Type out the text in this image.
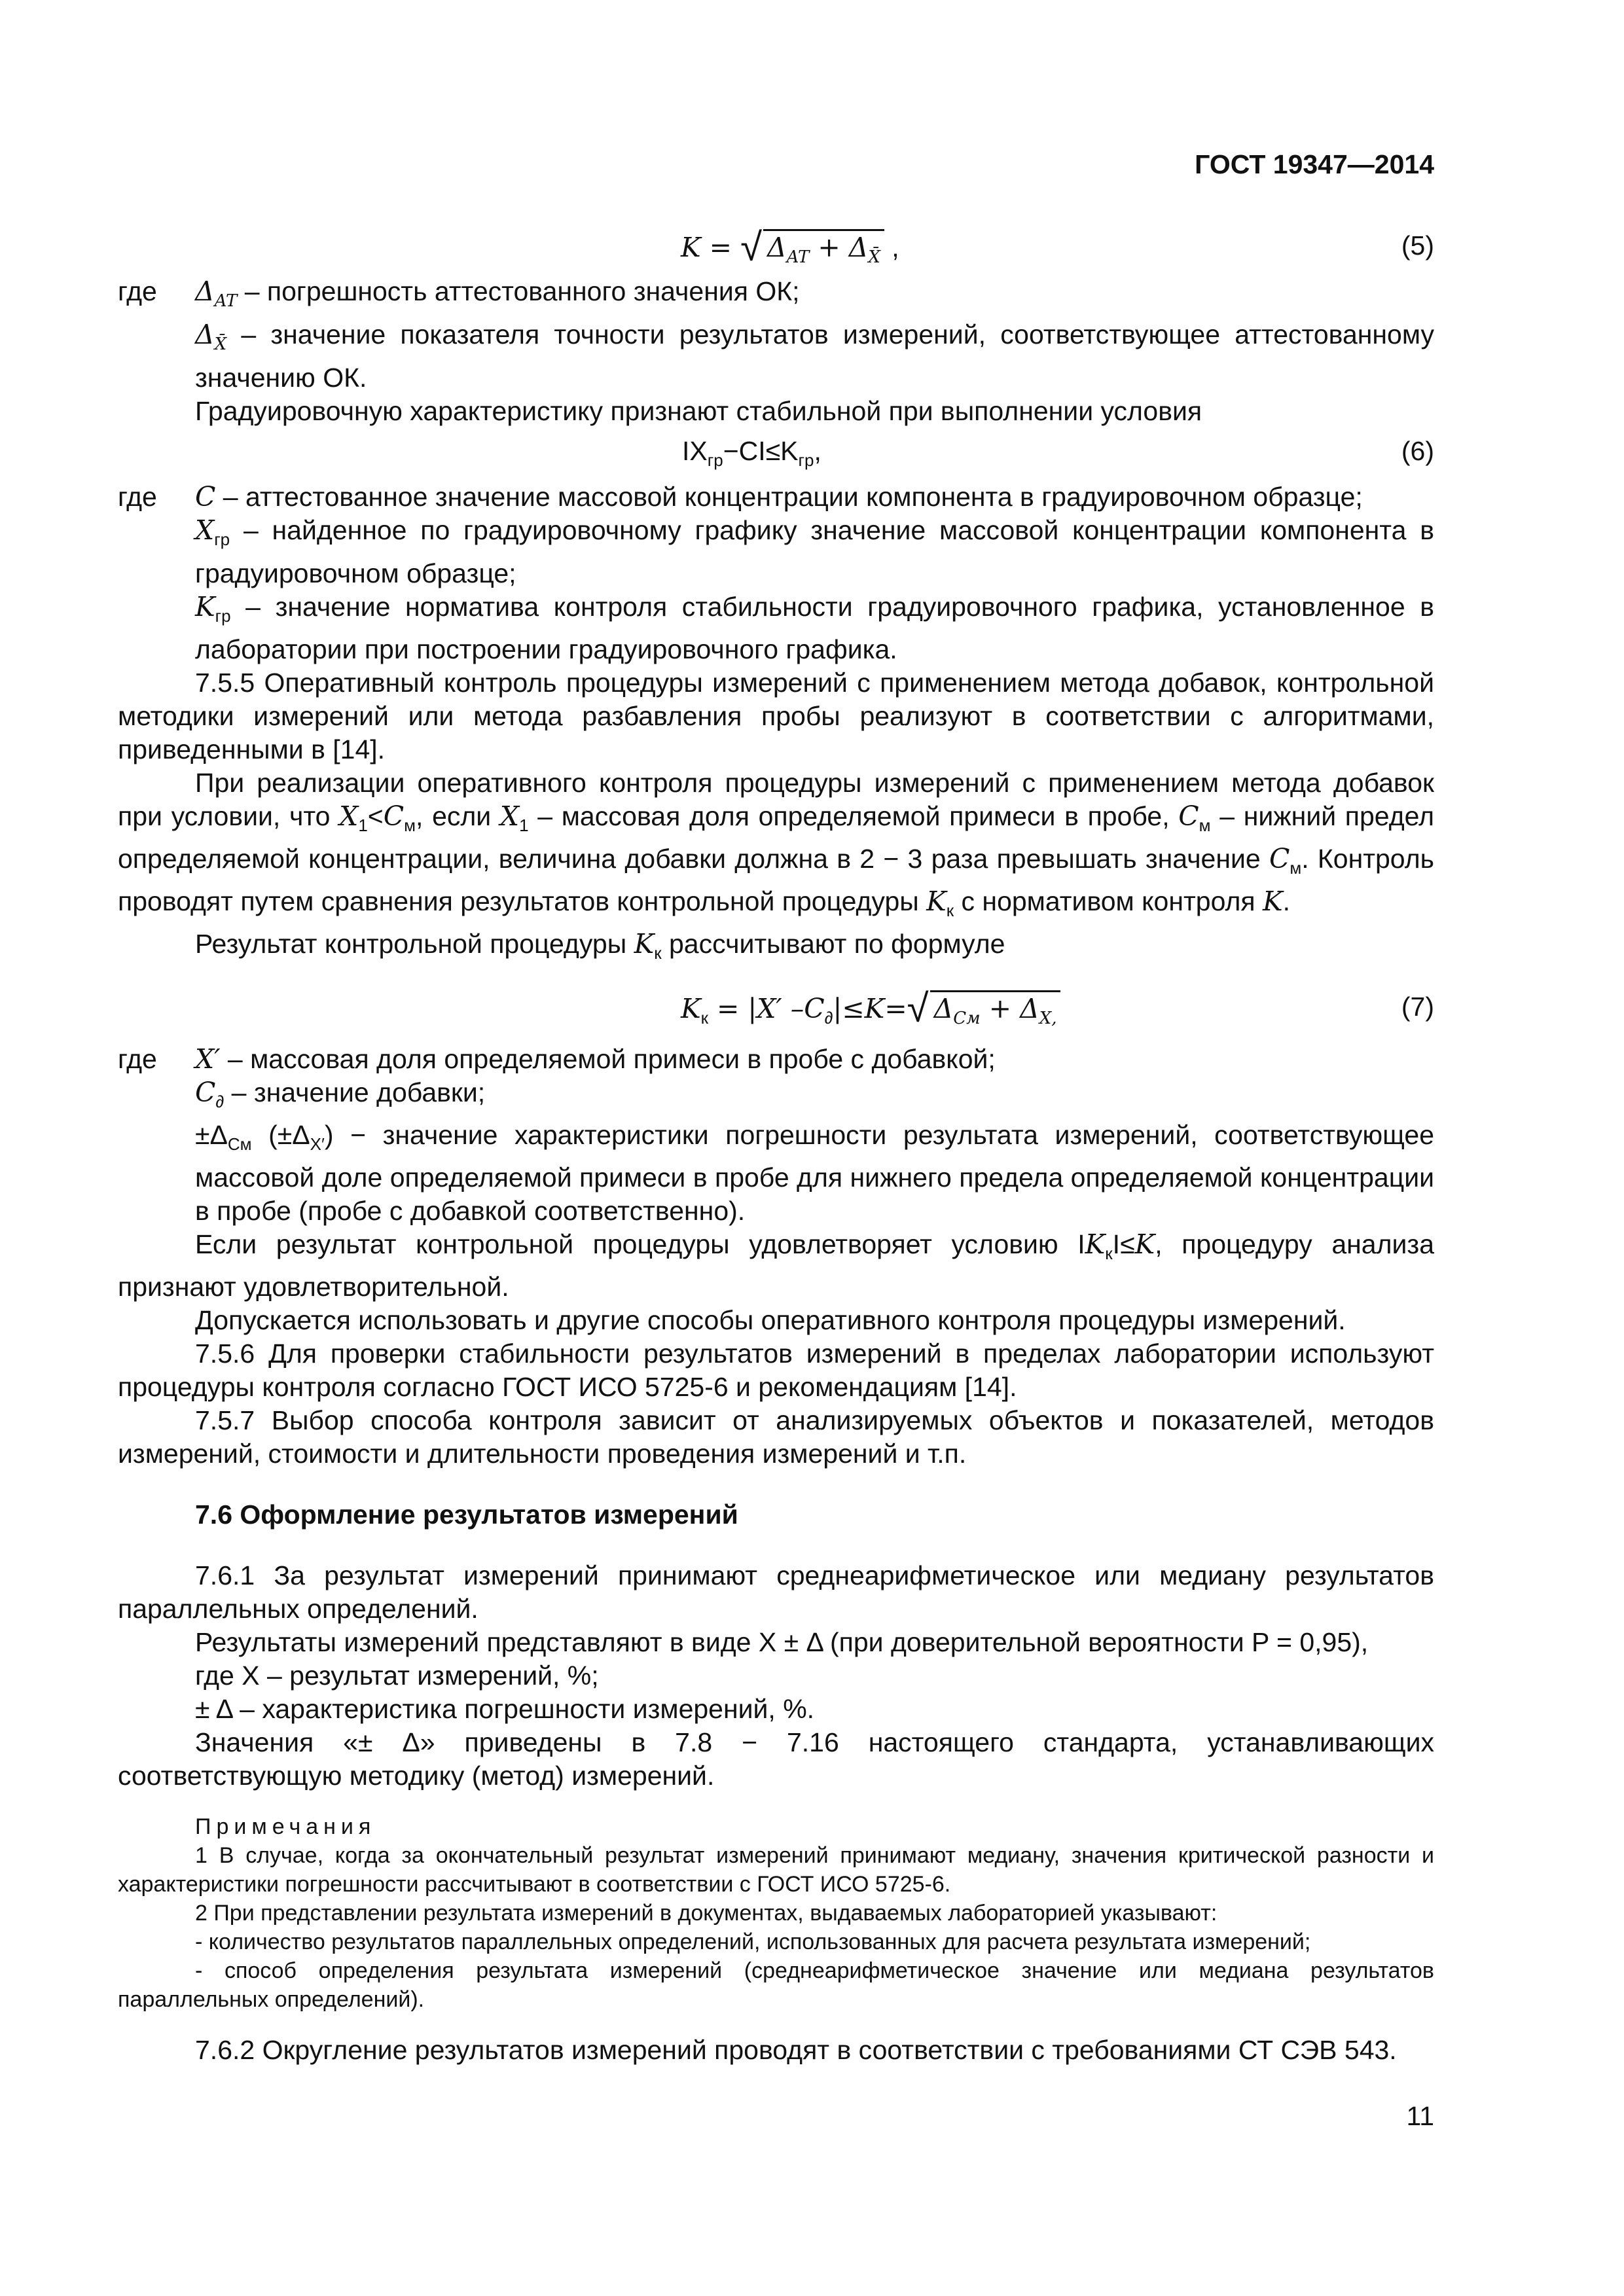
ГОСТ 19347—2014
K = √ $\Delta_{AT} + \Delta_{X̄}$ ,	(5)
где $\Delta_{AT}$ – погрешность аттестованного значения ОК;

$\Delta_{X̄}$ – значение показателя точности результатов измерений, соответствующее аттестованному значению ОК.

Градуировочную характеристику признают стабильной при выполнении условия

$IX_{гр}-CI\le K_{гр}$,	(6)
где C – аттестованное значение массовой концентрации компонента в градуировочном образце;

$X_{гр}$ – найденное по градуировочному графику значение массовой концентрации компонента в градуировочном образце;

$K_{гр}$ – значение норматива контроля стабильности градуировочного графика, установленное в лаборатории при построении градуировочного графика.

7.5.5 Оперативный контроль процедуры измерений с применением метода добавок, контрольной методики измерений или метода разбавления пробы реализуют в соответствии с алгоритмами, приведенными в [14].

При реализации оперативного контроля процедуры измерений с применением метода добавок при условии, что $X_1<C_м$, если $X_1$ – массовая доля определяемой примеси в пробе, $C_м$ – нижний предел определяемой концентрации, величина добавки должна в 2 − 3 раза превышать значение $C_м$. Контроль проводят путем сравнения результатов контрольной процедуры $K_к$ с нормативом контроля K.

Результат контрольной процедуры $K_к$ рассчитывают по формуле

$K_к = |X'$ $-C_\partial|\le K=√$ $\Delta_{См} + \Delta_{X,}$	(7)
где X′ – массовая доля определяемой примеси в пробе с добавкой;

$C_\partial$ – значение добавки;

$\pm\Delta_{См}$ $(\pm\Delta_{X'})$ − значение характеристики погрешности результата измерений, соответствующее массовой доле определяемой примеси в пробе для нижнего предела определяемой концентрации в пробе (пробе с добавкой соответственно).

Если результат контрольной процедуры удовлетворяет условию $IK_кI\le K$, процедуру анализа признают удовлетворительной.

Допускается использовать и другие способы оперативного контроля процедуры измерений.

7.5.6 Для проверки стабильности результатов измерений в пределах лаборатории используют процедуры контроля согласно ГОСТ ИСО 5725-6 и рекомендациям [14].

7.5.7 Выбор способа контроля зависит от анализируемых объектов и показателей, методов измерений, стоимости и длительности проведения измерений и т.п.

7.6 Оформление результатов измерений

7.6.1 За результат измерений принимают среднеарифметическое или медиану результатов параллельных определений.

Результаты измерений представляют в виде X ± Δ (при доверительной вероятности P = 0,95),

где X – результат измерений, %;

± Δ – характеристика погрешности измерений, %.

Значения «± Δ» приведены в 7.8 − 7.16 настоящего стандарта, устанавливающих соответствующую методику (метод) измерений.

Примечания

1 В случае, когда за окончательный результат измерений принимают медиану, значения критической разности и характеристики погрешности рассчитывают в соответствии с ГОСТ ИСО 5725-6.

2 При представлении результата измерений в документах, выдаваемых лабораторией указывают:

- количество результатов параллельных определений, использованных для расчета результата измерений;

- способ определения результата измерений (среднеарифметическое значение или медиана результатов параллельных определений).

7.6.2 Округление результатов измерений проводят в соответствии с требованиями СТ СЭВ 543.

11
